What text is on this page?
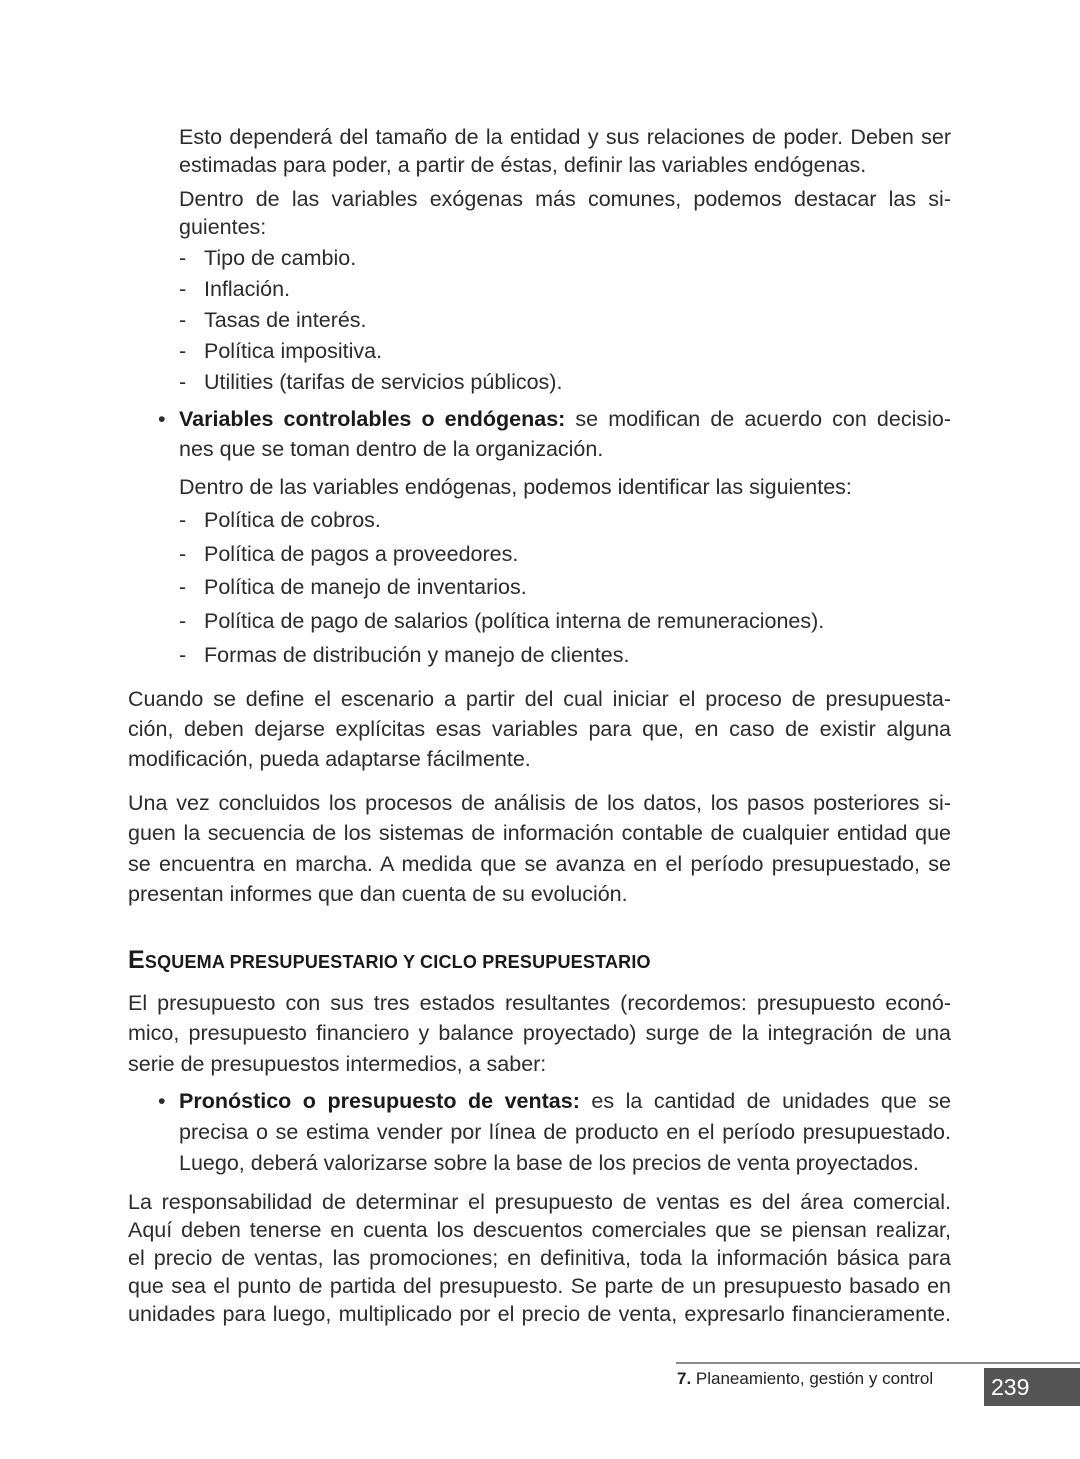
Esto dependerá del tamaño de la entidad y sus relaciones de poder. Deben ser
estimadas para poder, a partir de éstas, definir las variables endógenas.
Dentro de las variables exógenas más comunes, podemos destacar las si-
guientes:
- Tipo de cambio.
- Inflación.
- Tasas de interés.
- Política impositiva.
- Utilities (tarifas de servicios públicos).
• Variables controlables o endógenas: se modifican de acuerdo con decisio-
nes que se toman dentro de la organización.
Dentro de las variables endógenas, podemos identificar las siguientes:
- Política de cobros.
- Política de pagos a proveedores.
- Política de manejo de inventarios.
- Política de pago de salarios (política interna de remuneraciones).
- Formas de distribución y manejo de clientes.
Cuando se define el escenario a partir del cual iniciar el proceso de presupuesta-
ción, deben dejarse explícitas esas variables para que, en caso de existir alguna
modificación, pueda adaptarse fácilmente.
Una vez concluidos los procesos de análisis de los datos, los pasos posteriores si-
guen la secuencia de los sistemas de información contable de cualquier entidad que
se encuentra en marcha. A medida que se avanza en el período presupuestado, se
presentan informes que dan cuenta de su evolución.
El presupuesto con sus tres estados resultantes (recordemos: presupuesto econó-
mico, presupuesto financiero y balance proyectado) surge de la integración de una
serie de presupuestos intermedios, a saber:
• Pronóstico o presupuesto de ventas: es la cantidad de unidades que se
precisa o se estima vender por línea de producto en el período presupuestado.
Luego, deberá valorizarse sobre la base de los precios de venta proyectados.
La responsabilidad de determinar el presupuesto de ventas es del área comercial.
Aquí deben tenerse en cuenta los descuentos comerciales que se piensan realizar,
el precio de ventas, las promociones; en definitiva, toda la información básica para
que sea el punto de partida del presupuesto. Se parte de un presupuesto basado en
unidades para luego, multiplicado por el precio de venta, expresarlo financieramente.
ESQUEMA PRESUPUESTARIO Y CICLO PRESUPUESTARIO
7. Planeamiento, gestión y control	239
